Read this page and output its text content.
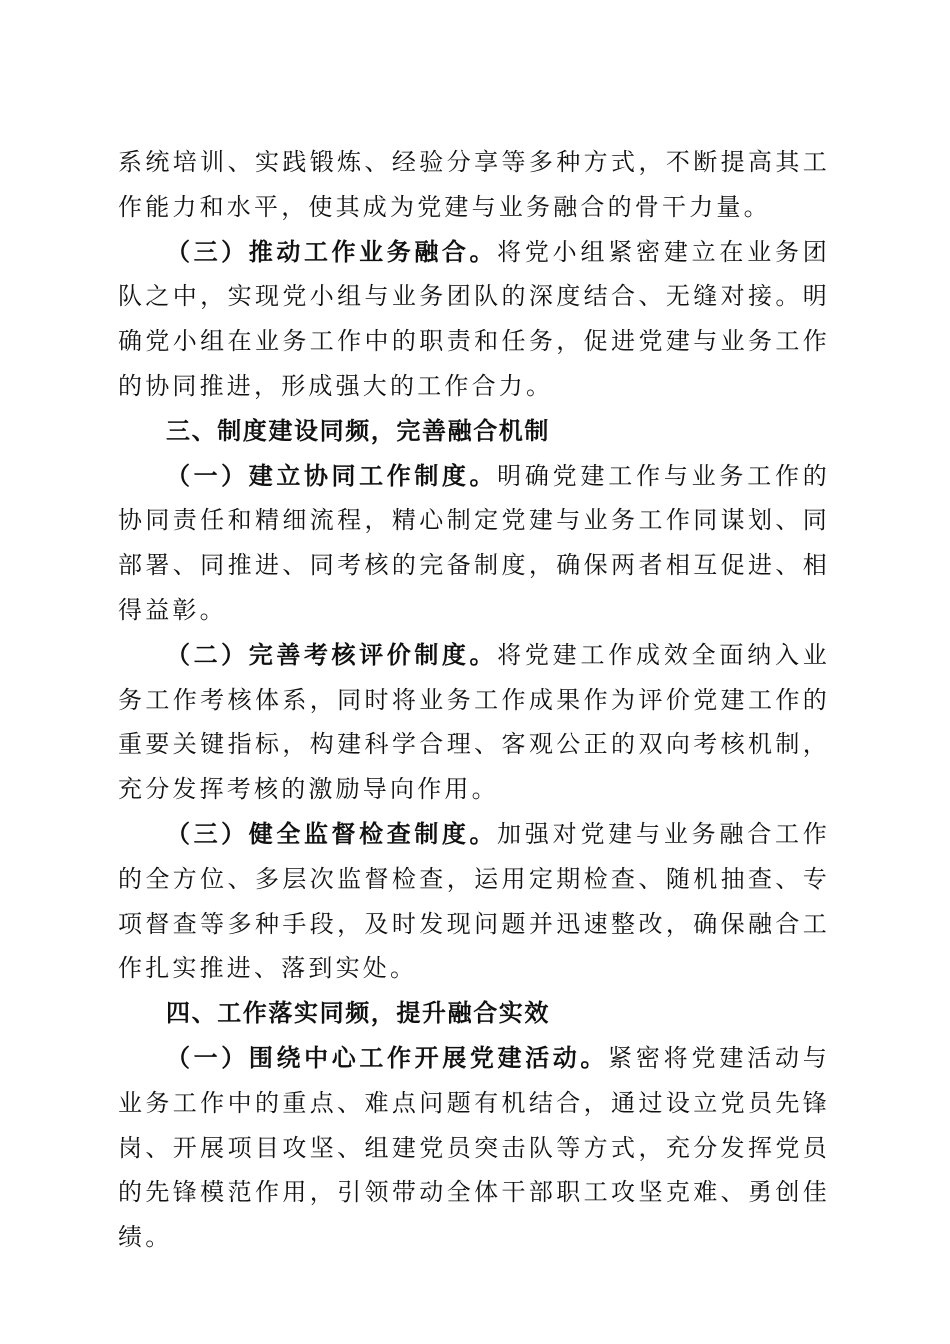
系统培训、实践锻炼、经验分享等多种方式，不断提高其工作能力和水平，使其成为党建与业务融合的骨干力量。

（三）推动工作业务融合。将党小组紧密建立在业务团队之中，实现党小组与业务团队的深度结合、无缝对接。明确党小组在业务工作中的职责和任务，促进党建与业务工作的协同推进，形成强大的工作合力。

三、制度建设同频，完善融合机制

（一）建立协同工作制度。明确党建工作与业务工作的协同责任和精细流程，精心制定党建与业务工作同谋划、同部署、同推进、同考核的完备制度，确保两者相互促进、相得益彰。

（二）完善考核评价制度。将党建工作成效全面纳入业务工作考核体系，同时将业务工作成果作为评价党建工作的重要关键指标，构建科学合理、客观公正的双向考核机制，充分发挥考核的激励导向作用。

（三）健全监督检查制度。加强对党建与业务融合工作的全方位、多层次监督检查，运用定期检查、随机抽查、专项督查等多种手段，及时发现问题并迅速整改，确保融合工作扎实推进、落到实处。

四、工作落实同频，提升融合实效

（一）围绕中心工作开展党建活动。紧密将党建活动与业务工作中的重点、难点问题有机结合，通过设立党员先锋岗、开展项目攻坚、组建党员突击队等方式，充分发挥党员的先锋模范作用，引领带动全体干部职工攻坚克难、勇创佳绩。
